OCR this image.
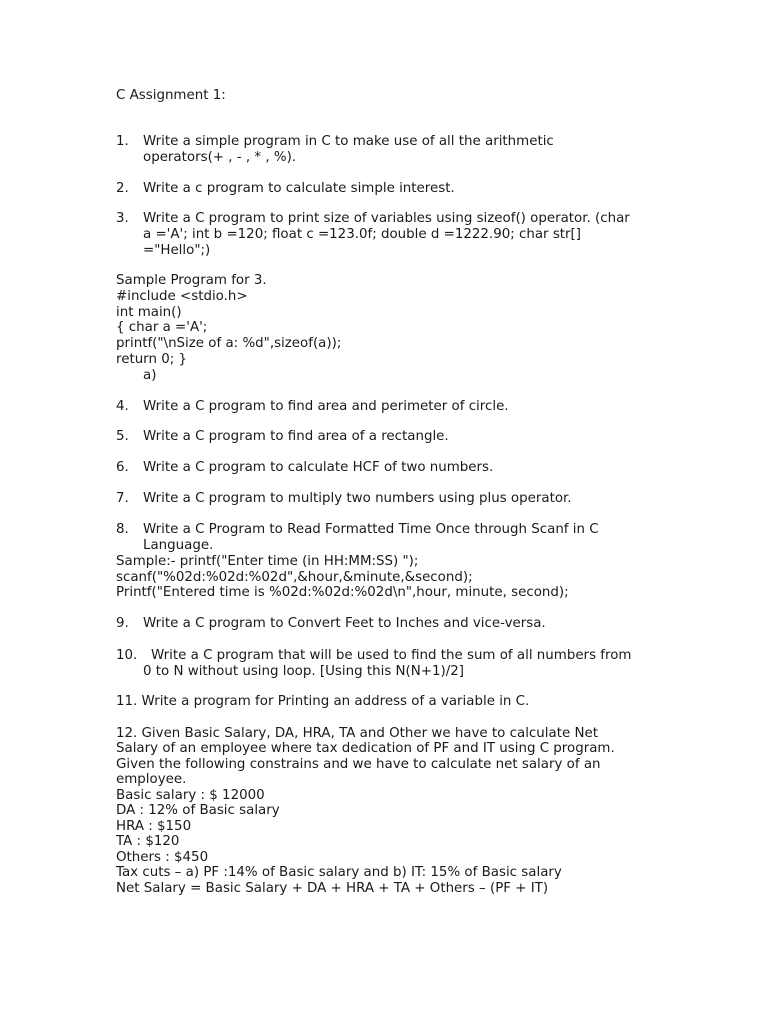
C Assignment 1:
1. Write a simple program in C to make use of all the arithmetic
operators(+ , - , * , %).
2. Write a c program to calculate simple interest.
3. Write a C program to print size of variables using sizeof() operator. (char
a ='A'; int b =120; float c =123.0f; double d =1222.90; char str[]
="Hello";)
Sample Program for 3.
#include <stdio.h>
int main()
{ char a ='A';
printf("\nSize of a: %d",sizeof(a));
return 0; }
a)
4. Write a C program to find area and perimeter of circle.
5. Write a C program to find area of a rectangle.
6. Write a C program to calculate HCF of two numbers.
7. Write a C program to multiply two numbers using plus operator.
8. Write a C Program to Read Formatted Time Once through Scanf in C
Language.
Sample:- printf("Enter time (in HH:MM:SS) ");
scanf("%02d:%02d:%02d",&hour,&minute,&second);
Printf("Entered time is %02d:%02d:%02d\n",hour, minute, second);
9. Write a C program to Convert Feet to Inches and vice-versa.
10. Write a C program that will be used to find the sum of all numbers from
0 to N without using loop. [Using this N(N+1)/2]
11. Write a program for Printing an address of a variable in C.
12. Given Basic Salary, DA, HRA, TA and Other we have to calculate Net
Salary of an employee where tax dedication of PF and IT using C program.
Given the following constrains and we have to calculate net salary of an
employee.
Basic salary : $ 12000
DA : 12% of Basic salary
HRA : $150
TA : $120
Others : $450
Tax cuts – a) PF :14% of Basic salary and b) IT: 15% of Basic salary
Net Salary = Basic Salary + DA + HRA + TA + Others – (PF + IT)
